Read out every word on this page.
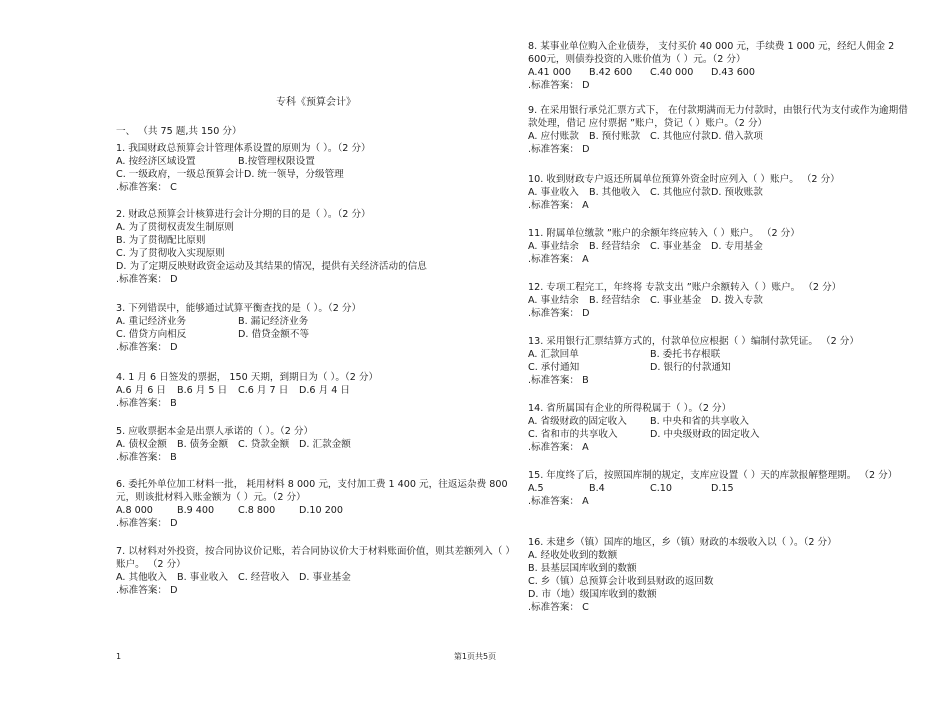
专科《预算会计》
一、 （共 75 题,共 150 分）
1. 我国财政总预算会计管理体系设置的原则为（ ）。（2 分）
A. 按经济区域设置	B.按管理权限设置
C. 一级政府，一级总预算会计D. 统一领导，分级管理
.标准答案： C
2. 财政总预算会计核算进行会计分期的目的是（ ）。（2 分）
A. 为了贯彻权责发生制原则
B. 为了贯彻配比原则
C. 为了贯彻收入实现原则
D. 为了定期反映财政资金运动及其结果的情况，提供有关经济活动的信息
.标准答案： D
3. 下列错误中，能够通过试算平衡查找的是（ ）。（2 分）
A. 重记经济业务	B. 漏记经济业务
C. 借贷方向相反	D. 借贷金额不等
.标准答案： D
4. 1 月 6 日签发的票据， 150 天期，到期日为（ ）。（2 分）
A.6 月 6 日 B.6 月 5 日 C.6 月 7 日 D.6 月 4 日
.标准答案： B
5. 应收票据本金是出票人承诺的（ ）。（2 分）
A. 债权金额 B. 债务金额 C. 贷款金额 D. 汇款金额
.标准答案： B
6. 委托外单位加工材料一批， 耗用材料 8 000 元，支付加工费 1 400 元，往返运杂费 800 元，则该批材料入账金额为（ ）元。（2 分）
A.8 000	B.9 400 C.8 800 D.10 200
.标准答案： D
7. 以材料对外投资，按合同协议价记账，若合同协议价大于材料账面价值，则其差额列入（ ）账户。 （2 分）
A. 其他收入 B. 事业收入 C. 经营收入 D. 事业基金
.标准答案： D
8. 某事业单位购入企业债券， 支付买价 40 000 元，手续费 1 000 元，经纪人佣金 2 600元，则债券投资的入账价值为（ ）元。（2 分）
A.41 000 B.42 600 C.40 000 D.43 600
.标准答案： D
9. 在采用银行承兑汇票方式下， 在付款期满而无力付款时，由银行代为支付或作为逾期借款处理，借记 应付票据 ”账户，贷记（ ）账户。（2 分）
A. 应付账款 B. 预付账款 C. 其他应付款D. 借入款项
.标准答案： D
10. 收到财政专户返还所属单位预算外资金时应列入（ ）账户。 （2 分）
A. 事业收入 B. 其他收入 C. 其他应付款D. 预收账款
.标准答案： A
11. 附属单位缴款 ”账户的余额年终应转入（ ）账户。 （2 分）
A. 事业结余 B. 经营结余 C. 事业基金 D. 专用基金
.标准答案： A
12. 专项工程完工，年终将 专款支出 ”账户余额转入（ ）账户。 （2 分）
A. 事业结余 B. 经营结余 C. 事业基金 D. 拨入专款
.标准答案： D
13. 采用银行汇票结算方式的，付款单位应根据（ ）编制付款凭证。 （2 分）
A. 汇款回单	B. 委托书存根联
C. 承付通知	D. 银行的付款通知
.标准答案： B
14. 省所属国有企业的所得税属于（ ）。（2 分）
A. 省级财政的固定收入 B. 中央和省的共享收入
C. 省和市的共享收入	D. 中央级财政的固定收入
.标准答案： A
15. 年度终了后，按照国库制的规定，支库应设置（ ）天的库款报解整理期。 （2 分）
A.5	B.4	C.10	D.15
.标准答案： A
16. 未建乡（镇）国库的地区，乡（镇）财政的本级收入以（ ）。（2 分）
A. 经收处收到的数额
B. 县基层国库收到的数额
C. 乡（镇）总预算会计收到县财政的返回数
D. 市（地）级国库收到的数额
.标准答案： C
1	第1页共5页
